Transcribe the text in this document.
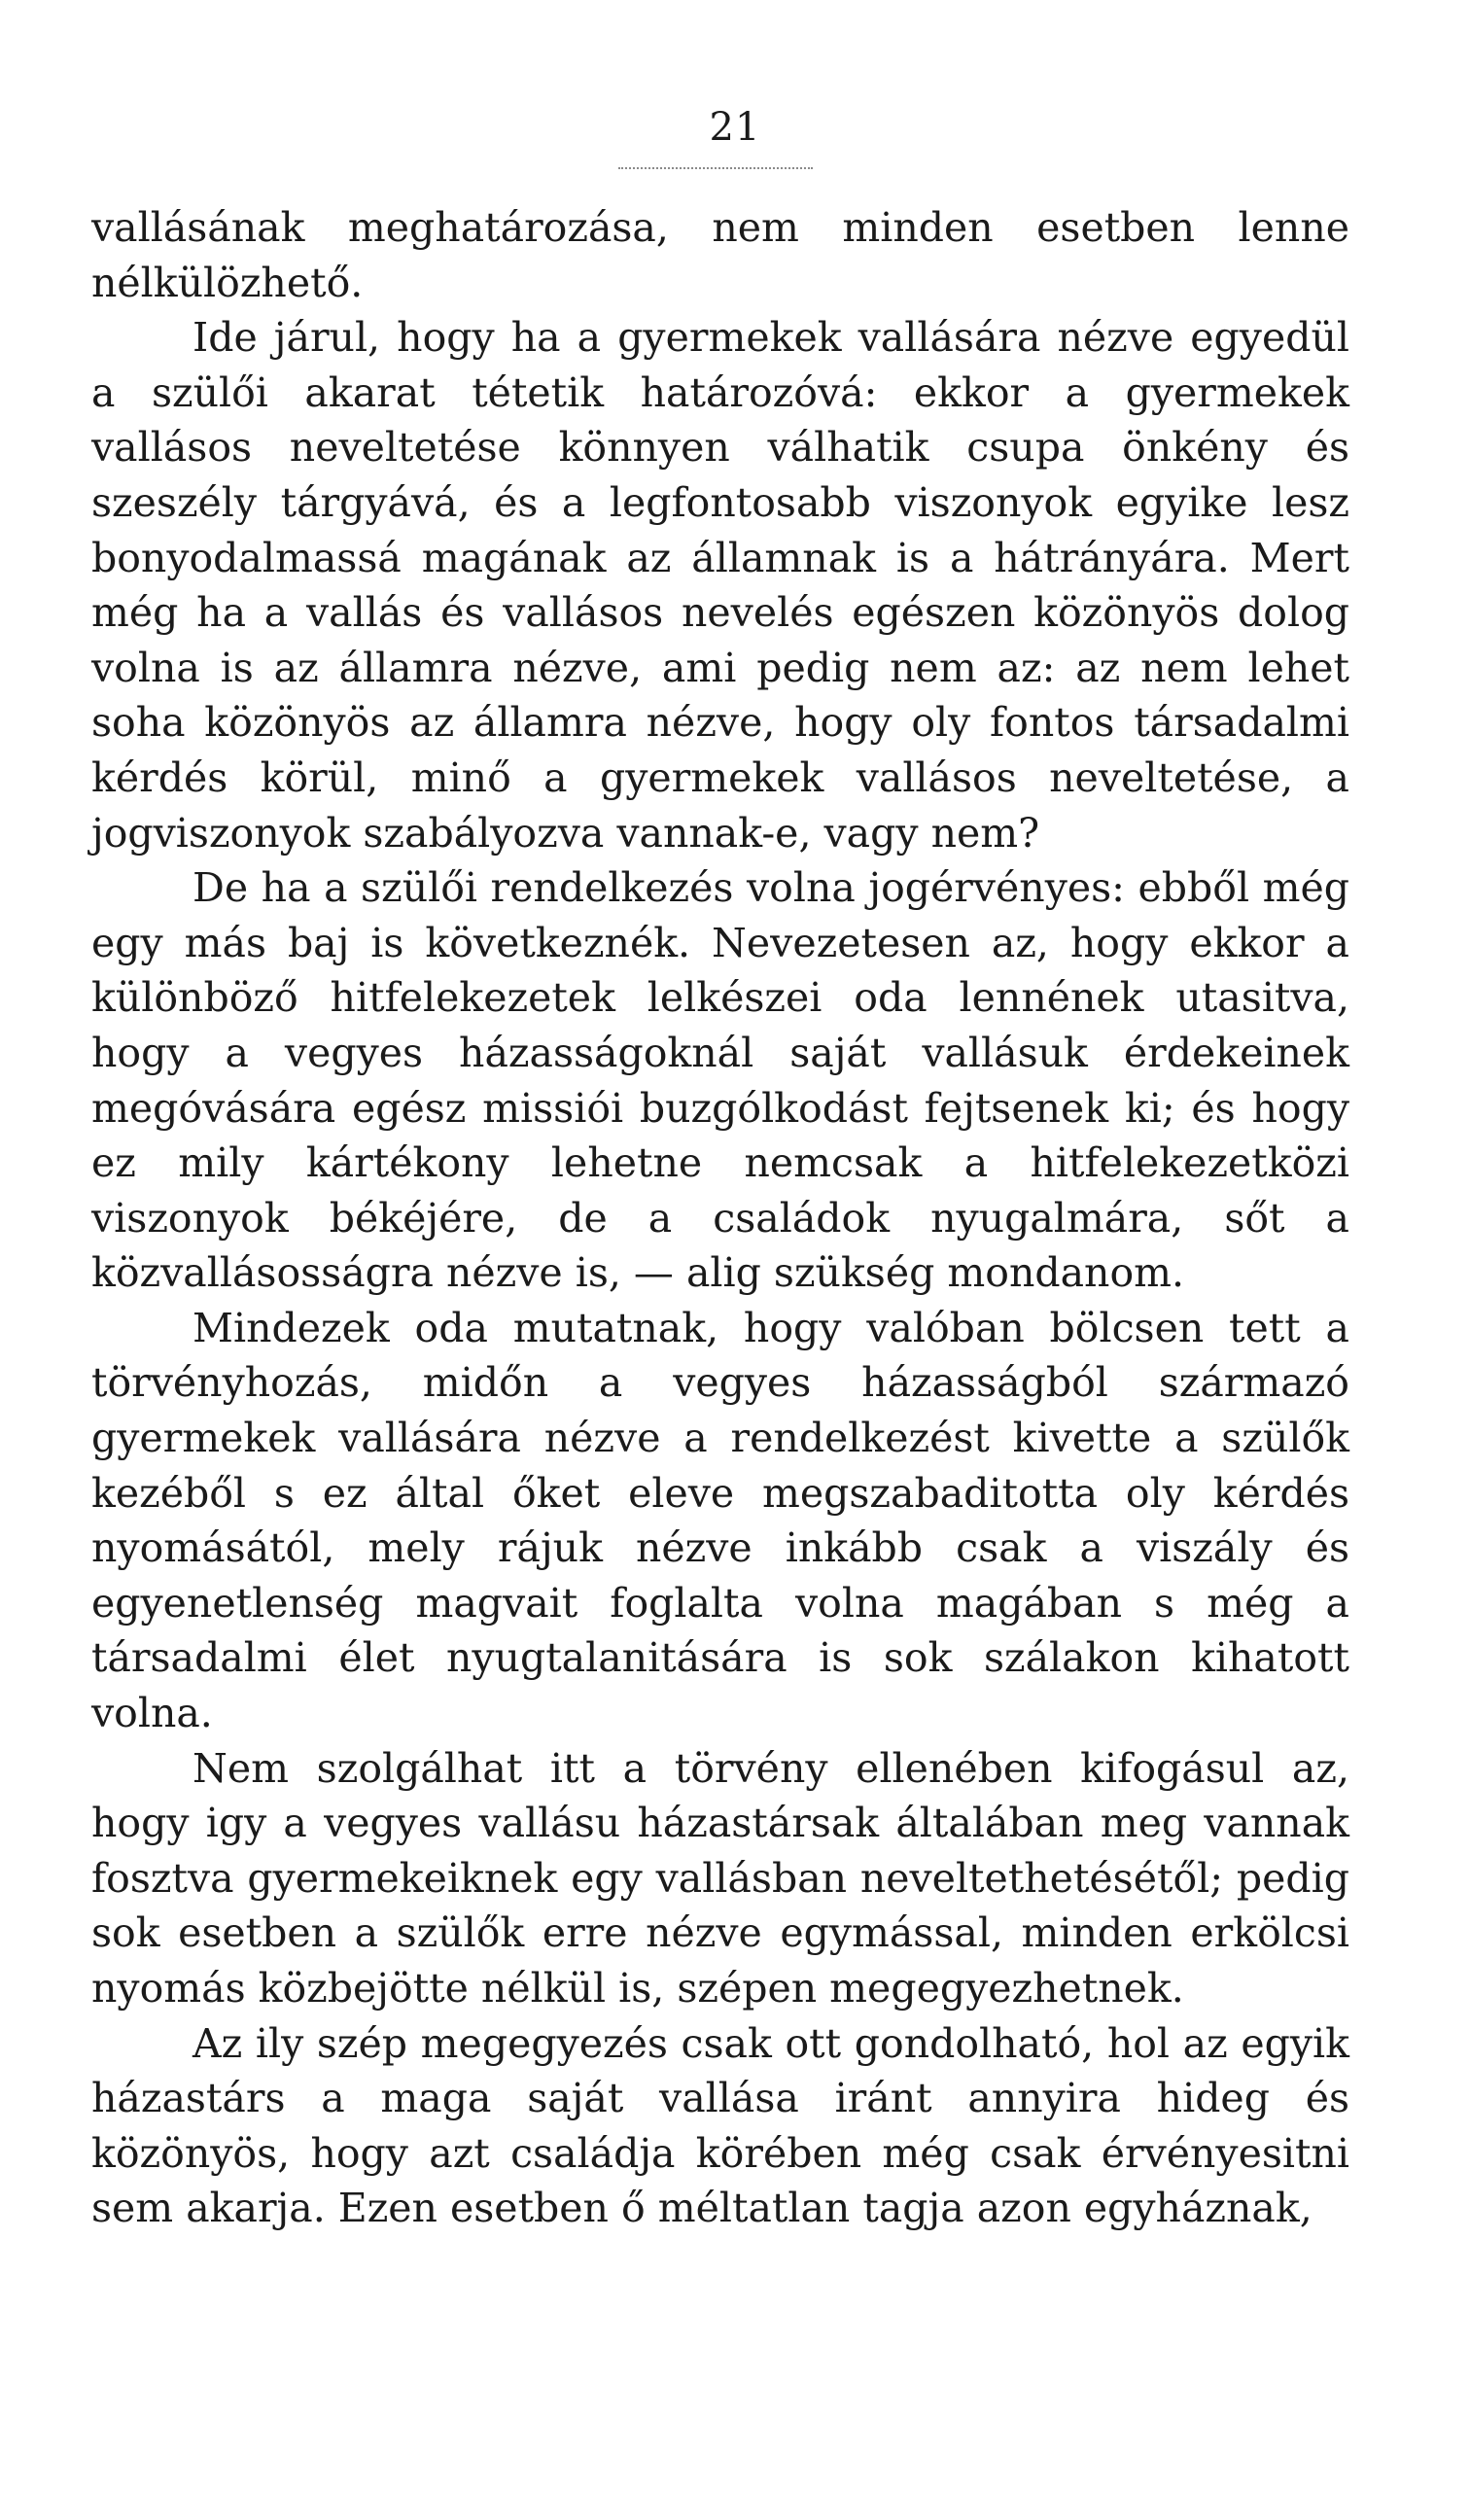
21

vallásának meghatározása, nem minden esetben lenne nélkülözhető.

Ide járul, hogy ha a gyermekek vallására nézve egyedül a szülői akarat tétetik határozóvá: ekkor a gyermekek vallásos neveltetése könnyen válhatik csupa önkény és szeszély tárgyává, és a legfontosabb viszonyok egyike lesz bonyodalmassá magának az államnak is a hátrányára. Mert még ha a vallás és vallásos nevelés egészen közönyös dolog volna is az államra nézve, ami pedig nem az: az nem lehet soha közönyös az államra nézve, hogy oly fontos társadalmi kérdés körül, minő a gyermekek vallásos neveltetése, a jogviszonyok szabályozva vannak-e, vagy nem?

De ha a szülői rendelkezés volna jogérvényes: ebből még egy más baj is következnék. Nevezetesen az, hogy ekkor a különböző hitfelekezetek lelkészei oda lennének utasitva, hogy a vegyes házasságoknál saját vallásuk érdekeinek megóvására egész missiói buzgólkodást fejtsenek ki; és hogy ez mily kártékony lehetne nemcsak a hitfelekezetközi viszonyok békéjére, de a családok nyugalmára, sőt a közvallásosságra nézve is, — alig szükség mondanom.

Mindezek oda mutatnak, hogy valóban bölcsen tett a törvényhozás, midőn a vegyes házasságból származó gyermekek vallására nézve a rendelkezést kivette a szülők kezéből s ez által őket eleve megszabaditotta oly kérdés nyomásától, mely rájuk nézve inkább csak a viszály és egyenetlenség magvait foglalta volna magában s még a társadalmi élet nyugtalanitására is sok szálakon kihatott volna.

Nem szolgálhat itt a törvény ellenében kifogásul az, hogy igy a vegyes vallásu házastársak általában meg vannak fosztva gyermekeiknek egy vallásban neveltethetésétől; pedig sok esetben a szülők erre nézve egymással, minden erkölcsi nyomás közbejötte nélkül is, szépen megegyezhetnek.

Az ily szép megegyezés csak ott gondolható, hol az egyik házastárs a maga saját vallása iránt annyira hideg és közönyös, hogy azt családja körében még csak érvényesitni sem akarja. Ezen esetben ő méltatlan tagja azon egyháznak,
